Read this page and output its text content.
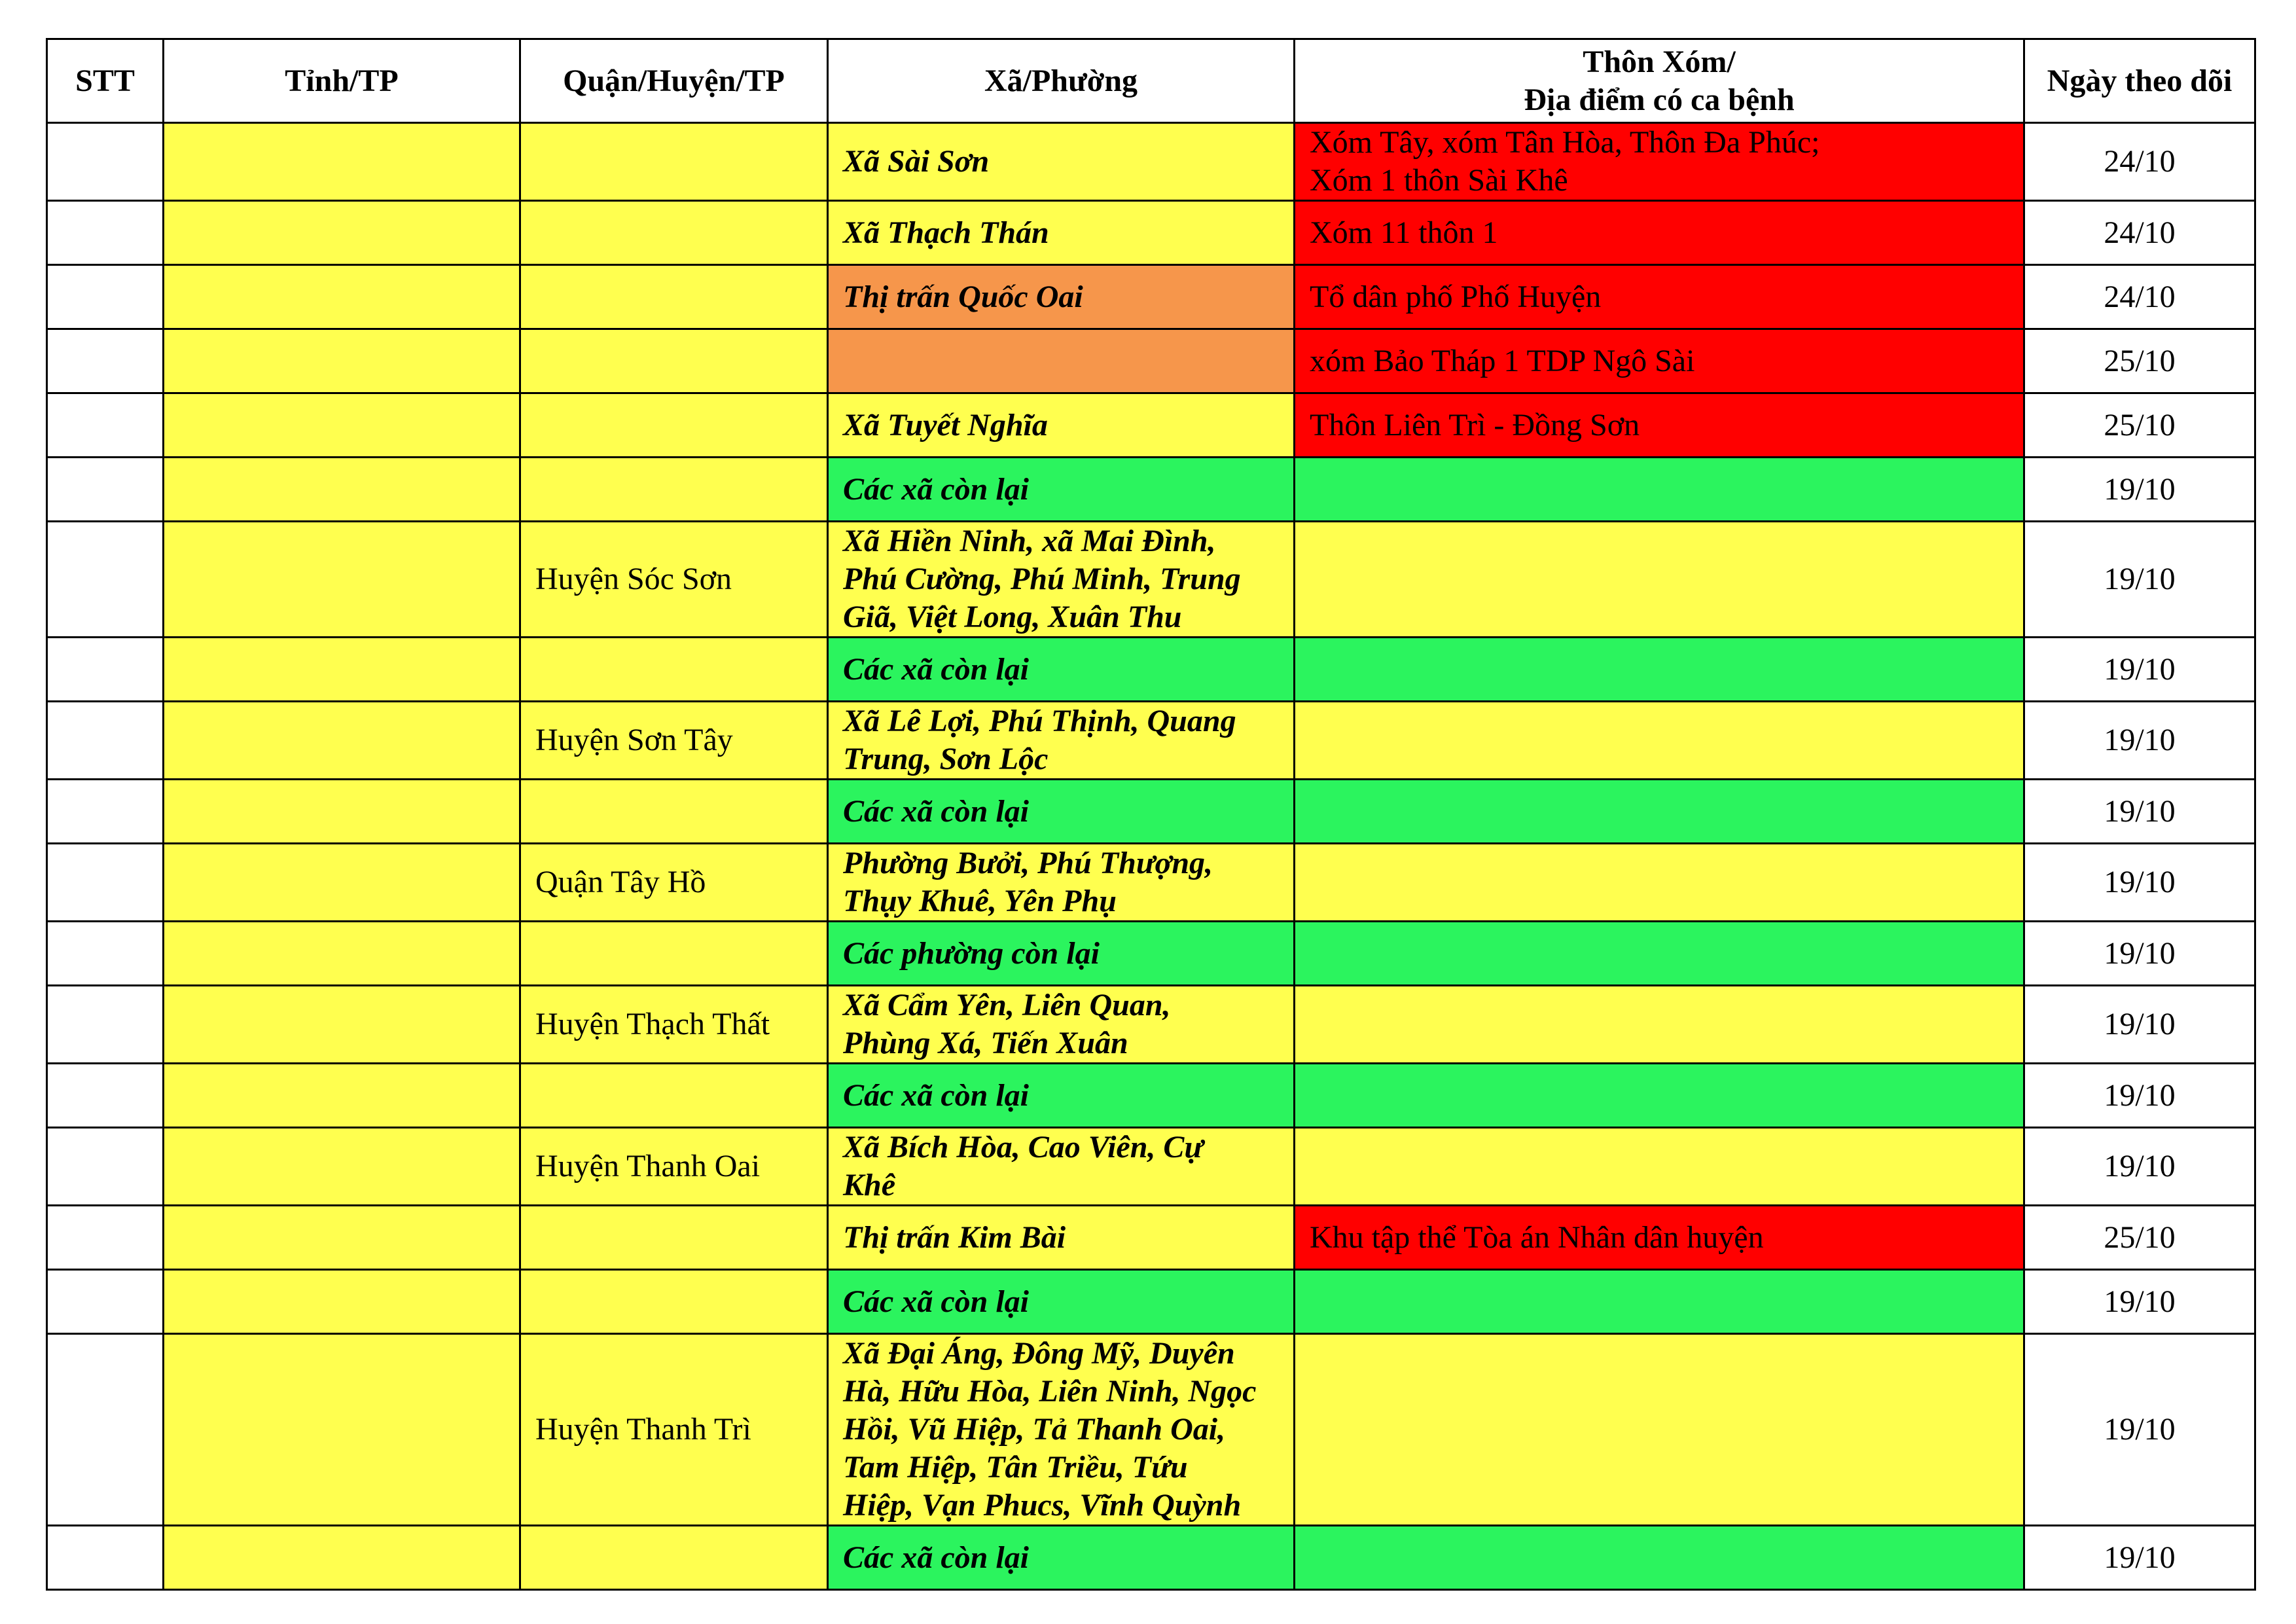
STT	Tỉnh/TP	Quận/Huyện/TP	Xã/Phường	Thôn Xóm/
Địa điểm có ca bệnh	Ngày theo dõi
			Xã Sài Sơn	Xóm Tây, xóm Tân Hòa, Thôn Đa Phúc;
Xóm 1 thôn Sài Khê	24/10
			Xã Thạch Thán	Xóm 11 thôn 1	24/10
			Thị trấn Quốc Oai	Tổ dân phố Phố Huyện	24/10
				xóm Bảo Tháp 1 TDP Ngô Sài	25/10
			Xã Tuyết Nghĩa	Thôn Liên Trì - Đồng Sơn	25/10
			Các xã còn lại		19/10
		Huyện Sóc Sơn	Xã Hiền Ninh, xã Mai Đình,
Phú Cường, Phú Minh, Trung
Giã, Việt Long, Xuân Thu		19/10
			Các xã còn lại		19/10
		Huyện Sơn Tây	Xã Lê Lợi, Phú Thịnh, Quang
Trung, Sơn Lộc		19/10
			Các xã còn lại		19/10
		Quận Tây Hồ	Phường Bưởi, Phú Thượng,
Thụy Khuê, Yên Phụ		19/10
			Các phường còn lại		19/10
		Huyện Thạch Thất	Xã Cẩm Yên, Liên Quan,
Phùng Xá, Tiến Xuân		19/10
			Các xã còn lại		19/10
		Huyện Thanh Oai	Xã Bích Hòa, Cao Viên, Cự
Khê		19/10
			Thị trấn Kim Bài	Khu tập thể Tòa án Nhân dân huyện	25/10
			Các xã còn lại		19/10
		Huyện Thanh Trì	Xã Đại Áng, Đông Mỹ, Duyên
Hà, Hữu Hòa, Liên Ninh, Ngọc
Hồi, Vũ Hiệp, Tả Thanh Oai,
Tam Hiệp, Tân Triều, Tứu
Hiệp, Vạn Phucs, Vĩnh Quỳnh		19/10
			Các xã còn lại		19/10
